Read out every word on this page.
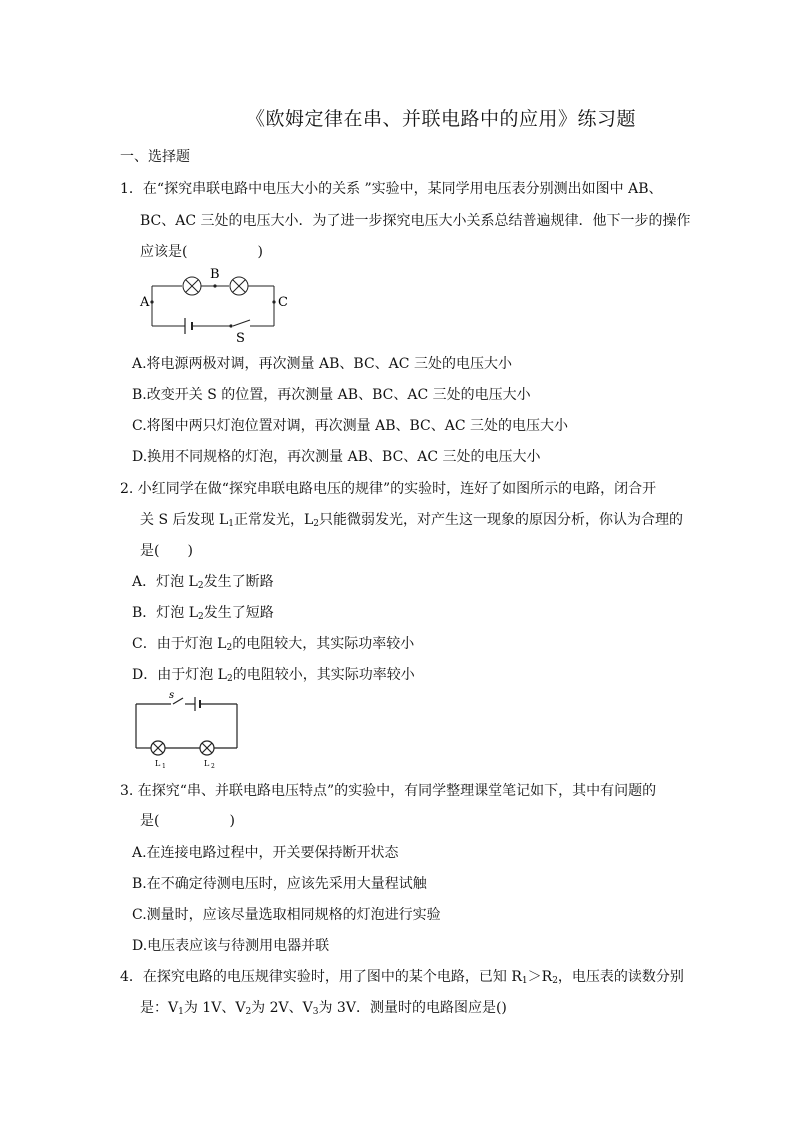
《欧姆定律在串、并联电路中的应用》练习题
一、选择题
1．在“探究串联电路中电压大小的关系 ”实验中，某同学用电压表分别测出如图中 AB、
BC、AC 三处的电压大小．为了进一步探究电压大小关系总结普遍规律．他下一步的操作
应该是(　　　　　)
A
B
C
S
A.将电源两极对调，再次测量 AB、BC、AC 三处的电压大小
B.改变开关 S 的位置，再次测量 AB、BC、AC 三处的电压大小
C.将图中两只灯泡位置对调，再次测量 AB、BC、AC 三处的电压大小
D.换用不同规格的灯泡，再次测量 AB、BC、AC 三处的电压大小
2. 小红同学在做“探究串联电路电压的规律”的实验时，连好了如图所示的电路，闭合开
关 S 后发现 $L_1$正常发光，$L_2$只能微弱发光，对产生这一现象的原因分析，你认为合理的
是(　　)
A．灯泡 $L_2$发生了断路
B．灯泡 $L_2$发生了短路
C．由于灯泡 $L_2$的电阻较大，其实际功率较小
D．由于灯泡 $L_2$的电阻较小，其实际功率较小
s
L 1	L 2
3. 在探究“串、并联电路电压特点”的实验中，有同学整理课堂笔记如下，其中有问题的
是(　　　　　)
A.在连接电路过程中，开关要保持断开状态
B.在不确定待测电压时，应该先采用大量程试触
C.测量时，应该尽量选取相同规格的灯泡进行实验
D.电压表应该与待测用电器并联
4．在探究电路的电压规律实验时，用了图中的某个电路，已知 $R_1>R_2$，电压表的读数分别
是：$V_1$为 1V、$V_2$为 2V、$V_3$为 3V．测量时的电路图应是()
